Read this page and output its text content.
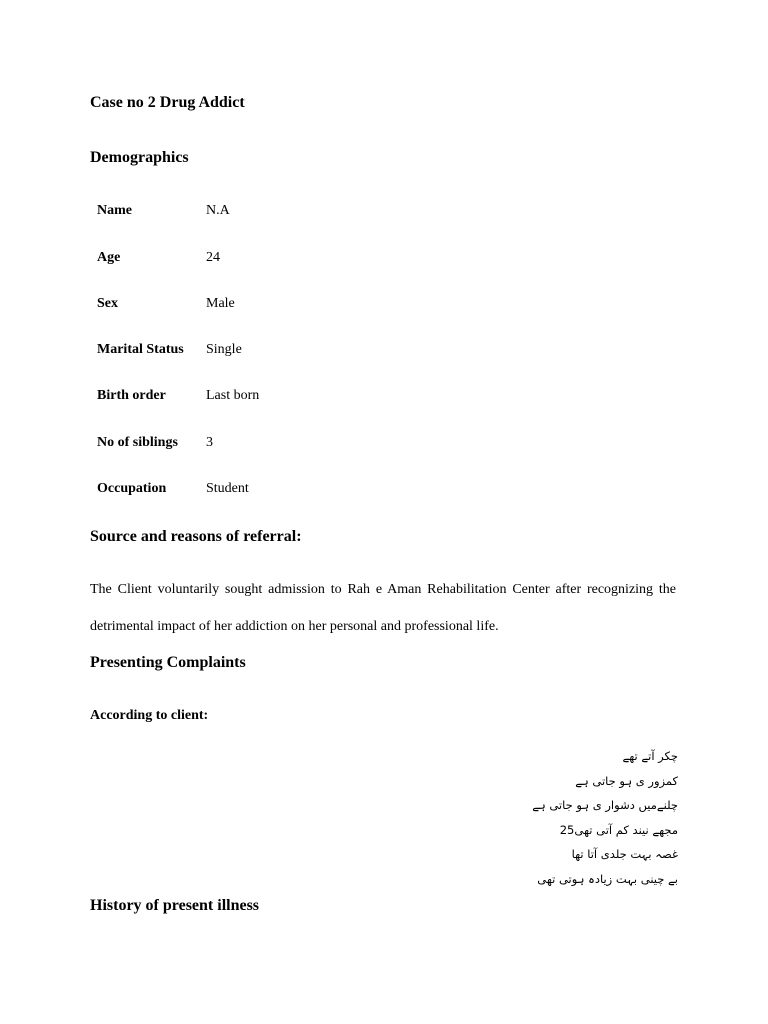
Case no 2 Drug Addict
Demographics
Name	N.A
Age	24
Sex	Male
Marital Status Single
Birth order	Last born
No of siblings 3
Occupation	Student
Source and reasons of referral:
The Client voluntarily sought admission to Rah e Aman Rehabilitation Center after recognizing the detrimental impact of her addiction on her personal and professional life.
Presenting Complaints
According to client:
چکر آتے تھے
کمزور ی ہو جاتی ہے
چلنےمیں دشوار ی ہو جاتی ہے
مجھے نیند کم آتی تھی25
غصہ بہت جلدی آتا تھا
بے چینی بہت زیادہ ہوتی تھی
History of present illness
